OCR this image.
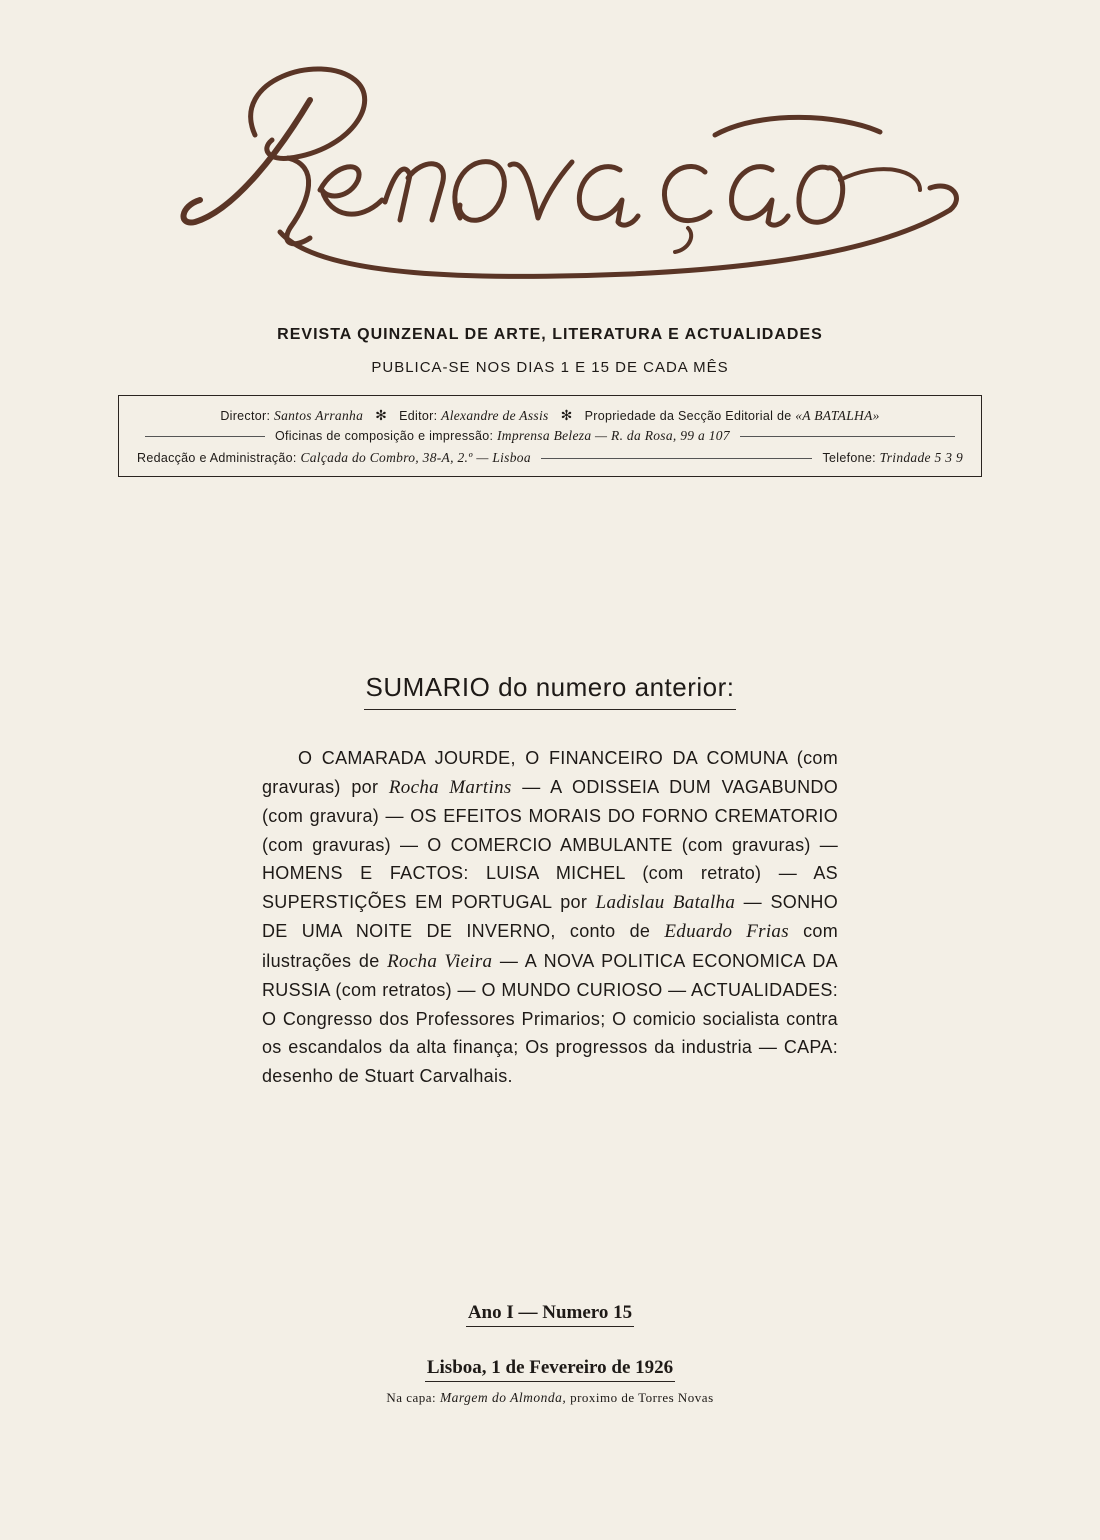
REVISTA QUINZENAL DE ARTE, LITERATURA E ACTUALIDADES
PUBLICA-SE NOS DIAS 1 E 15 DE CADA MÊS
Director:
Santos Arranha ✻ Editor:
Alexandre de Assis ✻ Propriedade da Secção Editorial de
«A BATALHA»
Oficinas de composição e impressão:
Imprensa Beleza — R. da Rosa, 99 a 107
Redacção e Administração:
Calçada do Combro, 38-A, 2.º — Lisboa	Telefone:
Trindade 5 3 9
SUMARIO do numero anterior:
O CAMARADA JOURDE, O FINANCEIRO DA COMUNA (com gravuras) por Rocha Martins — A ODISSEIA DUM VAGABUNDO (com gravura) — OS EFEITOS MORAIS DO FORNO CREMATORIO (com gravuras) — O COMERCIO AMBULANTE (com gravuras) — HOMENS E FACTOS: LUISA MICHEL (com retrato) — AS SUPERSTIÇÕES EM PORTUGAL por Ladislau Batalha — SONHO DE UMA NOITE DE INVERNO, conto de Eduardo Frias com ilustrações de Rocha Vieira — A NOVA POLITICA ECONOMICA DA RUSSIA (com retratos) — O MUNDO CURIOSO — ACTUALIDADES: O Congresso dos Professores Primarios; O comicio socialista contra os escandalos da alta finança; Os progressos da industria — CAPA: desenho de Stuart Carvalhais.
Ano I — Numero 15
Lisboa, 1 de Fevereiro de 1926
Na capa: Margem do Almonda, proximo de Torres Novas
